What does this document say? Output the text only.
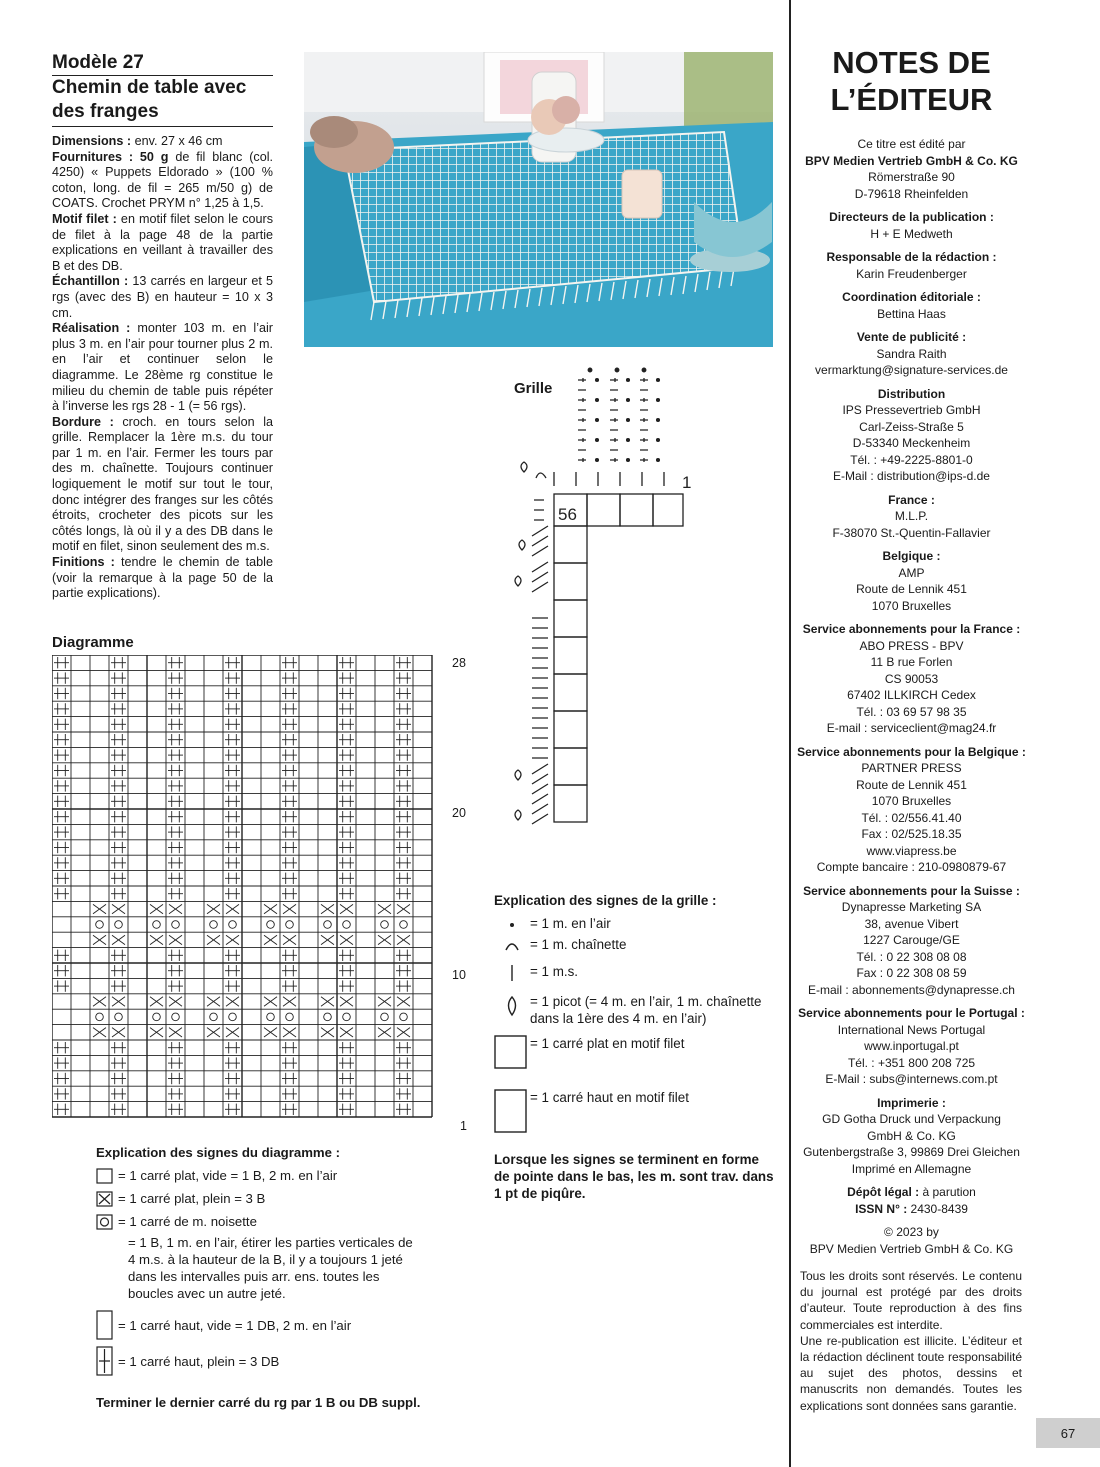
Modèle 27
Chemin de table avec des franges

Dimensions : env. 27 x 46 cm

Fournitures : 50 g de fil blanc (col. 4250) « Puppets Eldorado » (100 % coton, long. de fil = 265 m/50 g) de COATS. Crochet PRYM n° 1,25 à 1,5.

Motif filet : en motif filet selon le cours de filet à la page 48 de la partie explications en veillant à travailler des B et des DB.

Échantillon : 13 carrés en largeur et 5 rgs (avec des B) en hauteur = 10 x 3 cm.

Réalisation : monter 103 m. en l’air plus 3 m. en l’air pour tourner plus 2 m. en l’air et continuer selon le diagramme. Le 28ème rg constitue le milieu du chemin de table puis répéter à l’inverse les rgs 28 - 1 (= 56 rgs).

Bordure : croch. en tours selon la grille. Remplacer la 1ère m.s. du tour par 1 m. en l’air. Fermer les tours par des m. chaînette. Toujours continuer logiquement le motif sur tout le tour, donc intégrer des franges sur les côtés étroits, crocheter des picots sur les côtés longs, là où il y a des DB dans le motif en filet, sinon seulement des m.s.

Finitions : tendre le chemin de table (voir la remarque à la page 50 de la partie explications).

Diagramme
28
20
10
1
Explication des signes du diagramme :
= 1 carré plat, vide = 1 B, 2 m. en l’air
= 1 carré plat, plein = 3 B
= 1 carré de m. noisette
= 1 B, 1 m. en l’air, étirer les parties verticales de 4 m.s. à la hauteur de la B, il y a toujours 1 jeté dans les intervalles puis arr. ens. toutes les boucles avec un autre jeté.
= 1 carré haut, vide = 1 DB, 2 m. en l’air
= 1 carré haut, plein = 3 DB
Terminer le dernier carré du rg par 1 B ou DB suppl.
Grille
56
1
Explication des signes de la grille :
= 1 m. en l’air
= 1 m. chaînette
= 1 m.s.
= 1 picot (= 4 m. en l’air, 1 m. chaînette dans la 1ère des 4 m. en l’air)
= 1 carré plat en motif filet
= 1 carré haut en motif filet
Lorsque les signes se terminent en forme de pointe dans le bas, les m. sont trav. dans 1 pt de piqûre.
NOTES DE
L’ÉDITEUR
Ce titre est édité par
BPV Medien Vertrieb GmbH & Co. KG
Römerstraße 90
D-79618 Rheinfelden
Directeurs de la publication :
H + E Medweth
Responsable de la rédaction :
Karin Freudenberger
Coordination éditoriale :
Bettina Haas
Vente de publicité :
Sandra Raith
vermarktung@signature-services.de
Distribution
IPS Pressevertrieb GmbH
Carl-Zeiss-Straße 5
D-53340 Meckenheim
Tél. : +49-2225-8801-0
E-Mail : distribution@ips-d.de
France :
M.L.P.
F-38070 St.-Quentin-Fallavier
Belgique :
AMP
Route de Lennik 451
1070 Bruxelles
Service abonnements pour la France :
ABO PRESS - BPV
11 B rue Forlen
CS 90053
67402 ILLKIRCH Cedex
Tél. : 03 69 57 98 35
E-mail : serviceclient@mag24.fr
Service abonnements pour la Belgique :
PARTNER PRESS
Route de Lennik 451
1070 Bruxelles
Tél. : 02/556.41.40
Fax : 02/525.18.35
www.viapress.be
Compte bancaire : 210-0980879-67
Service abonnements pour la Suisse :
Dynapresse Marketing SA
38, avenue Vibert
1227 Carouge/GE
Tél. : 0 22 308 08 08
Fax : 0 22 308 08 59
E-mail : abonnements@dynapresse.ch
Service abonnements pour le Portugal :
International News Portugal
www.inportugal.pt
Tél. : +351 800 208 725
E-Mail : subs@internews.com.pt
Imprimerie :
GD Gotha Druck und Verpackung
GmbH & Co. KG
Gutenbergstraße 3, 99869 Drei Gleichen
Imprimé en Allemagne
Dépôt légal : à parution
ISSN N° : 2430-8439
© 2023 by
BPV Medien Vertrieb GmbH & Co. KG
Tous les droits sont réservés. Le contenu du journal est protégé par des droits d’auteur. Toute reproduction à des fins commerciales est interdite.
Une re-publication est illicite. L’éditeur et la rédaction déclinent toute responsabilité au sujet des photos, dessins et manuscrits non demandés. Toutes les explications sont données sans garantie.
67
